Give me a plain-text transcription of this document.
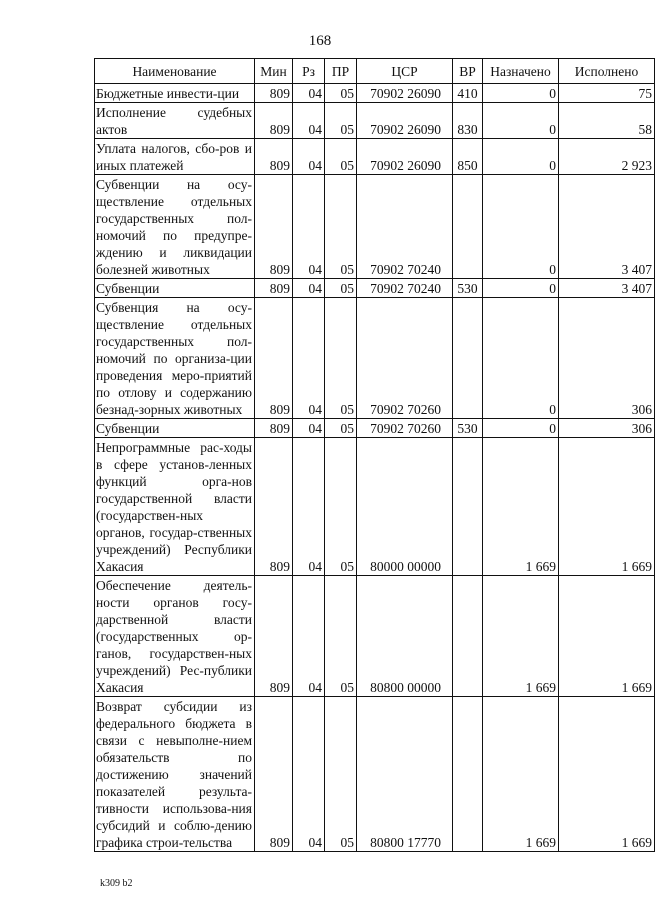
168
Наименование	Мин	Рз	ПР	ЦСР	ВР	Назначено	Исполнено
Бюджетные инвести-ции	809	04	05	70902 26090	410	0	75
Исполнение судебных актов	809	04	05	70902 26090	830	0	58
Уплата налогов, сбо-ров и иных платежей	809	04	05	70902 26090	850	0	2 923
Субвенции на осу-ществление отдельных государственных пол-номочий по предупре-ждению и ликвидации болезней животных	809	04	05	70902 70240		0	3 407
Субвенции	809	04	05	70902 70240	530	0	3 407
Субвенция на осу-ществление отдельных государственных пол-номочий по организа-ции проведения меро-приятий по отлову и содержанию безнад-зорных животных	809	04	05	70902 70260		0	306
Субвенции	809	04	05	70902 70260	530	0	306
Непрограммные рас-ходы в сфере установ-ленных функций орга-нов государственной власти (государствен-ных органов, государ-ственных учреждений) Республики Хакасия	809	04	05	80000 00000		1 669	1 669
Обеспечение деятель-ности органов госу-дарственной власти (государственных ор-ганов, государствен-ных учреждений) Рес-публики Хакасия	809	04	05	80800 00000		1 669	1 669
Возврат субсидии из федерального бюджета в связи с невыполне-нием обязательств по достижению значений показателей результа-тивности использова-ния субсидий и соблю-дению графика строи-тельства	809	04	05	80800 17770		1 669	1 669
k309 b2
